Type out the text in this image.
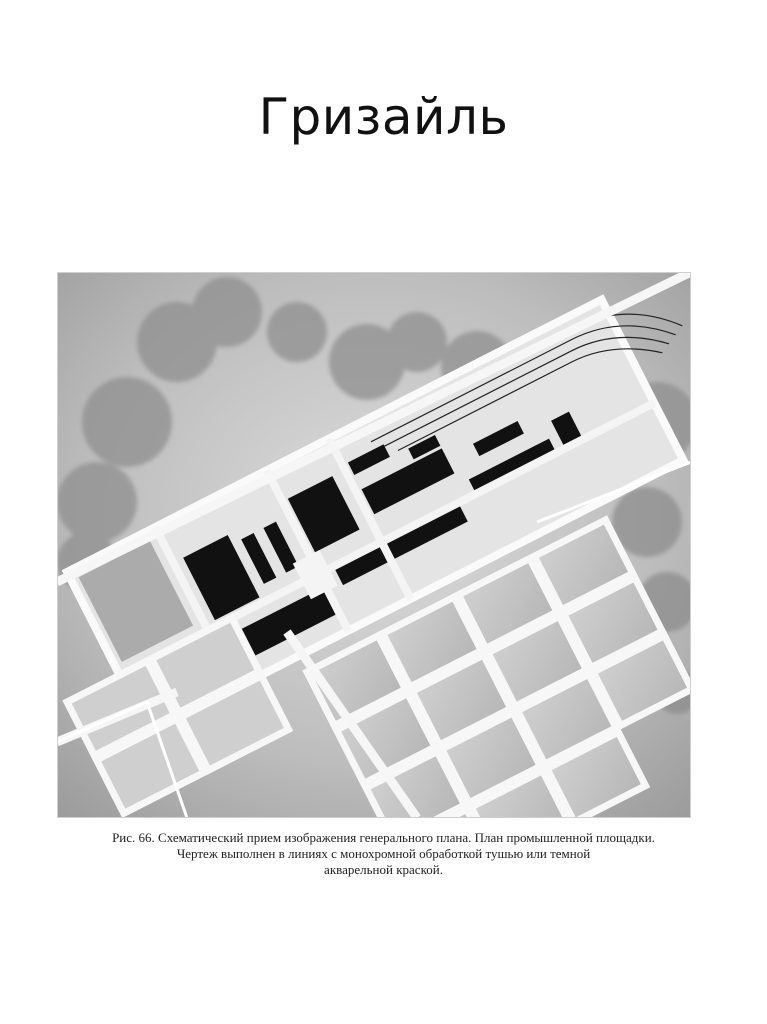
Гризайль
Рис. 66. Схематический прием изображения генерального плана. План промышленной площадки.
Чертеж выполнен в линиях с монохромной обработкой тушью или темной
акварельной краской.
